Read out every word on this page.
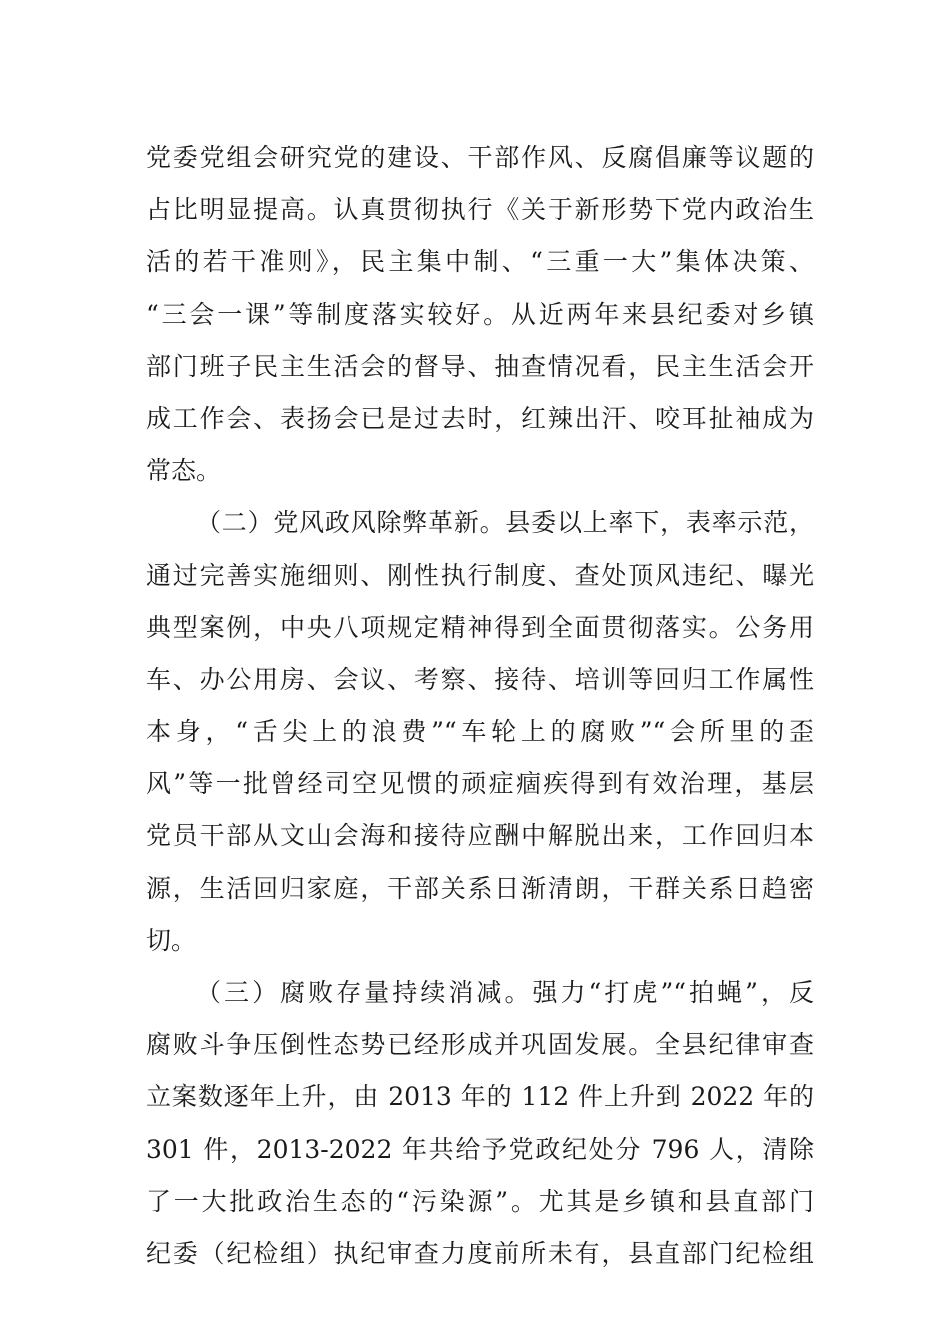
党委党组会研究党的建设、干部作风、反腐倡廉等议题的
占比明显提高。认真贯彻执行《关于新形势下党内政治生
活的若干准则》，民主集中制、“三重一大”集体决策、
“三会一课”等制度落实较好。从近两年来县纪委对乡镇
部门班子民主生活会的督导、抽查情况看，民主生活会开
成工作会、表扬会已是过去时，红辣出汗、咬耳扯袖成为
常态。
（二）党风政风除弊革新。县委以上率下，表率示范，
通过完善实施细则、刚性执行制度、查处顶风违纪、曝光
典型案例，中央八项规定精神得到全面贯彻落实。公务用
车、办公用房、会议、考察、接待、培训等回归工作属性
本身，“舌尖上的浪费”“车轮上的腐败”“会所里的歪
风”等一批曾经司空见惯的顽症痼疾得到有效治理，基层
党员干部从文山会海和接待应酬中解脱出来，工作回归本
源，生活回归家庭，干部关系日渐清朗，干群关系日趋密
切。
（三）腐败存量持续消减。强力“打虎”“拍蝇”，反
腐败斗争压倒性态势已经形成并巩固发展。全县纪律审查
立案数逐年上升，由 2013 年的 112 件上升到 2022 年的
301 件，2013-2022 年共给予党政纪处分 796 人，清除
了一大批政治生态的“污染源”。尤其是乡镇和县直部门
纪委（纪检组）执纪审查力度前所未有，县直部门纪检组
